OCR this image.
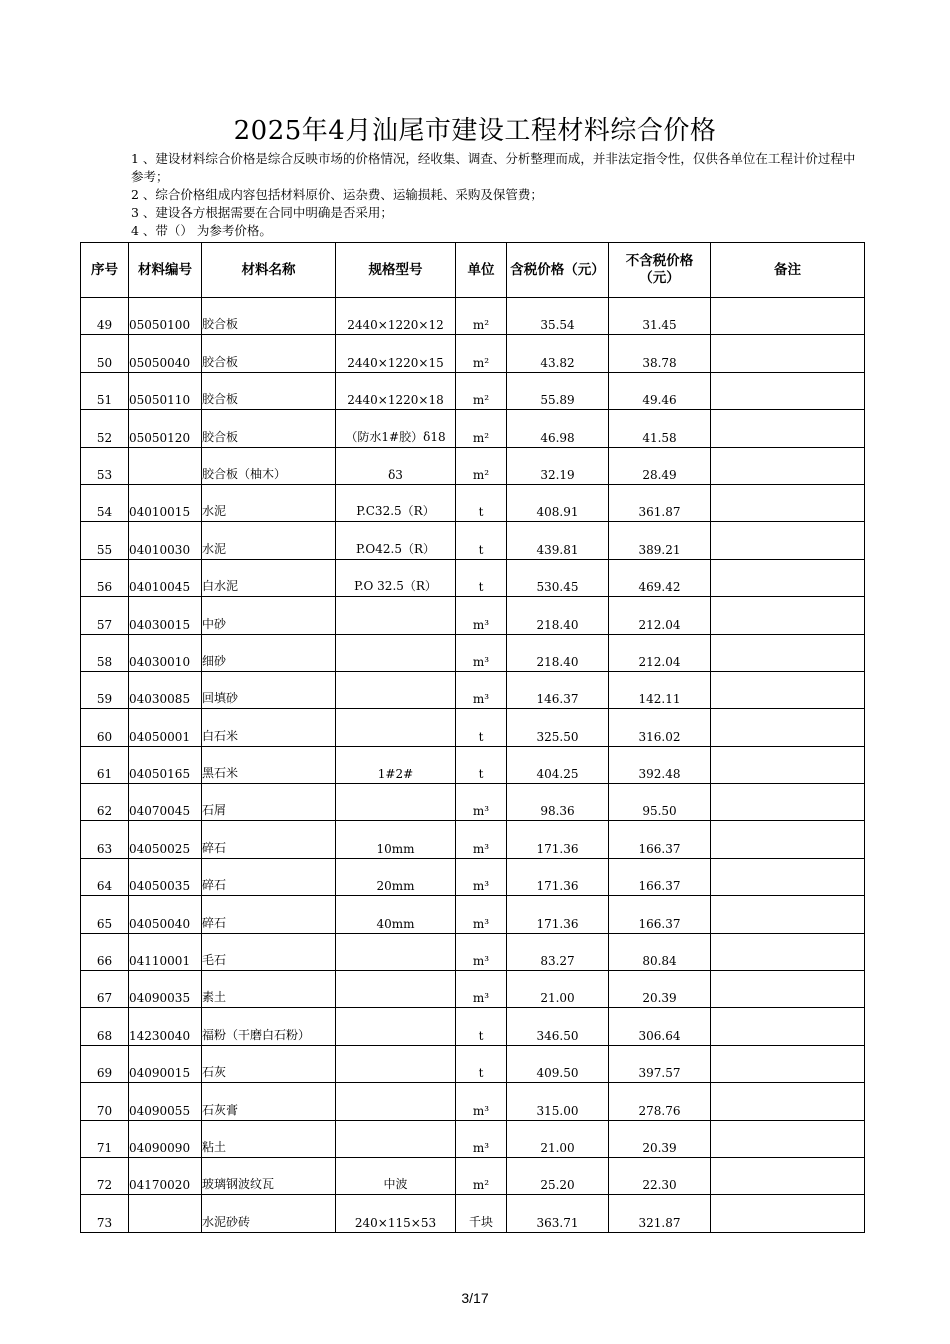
2025年4月汕尾市建设工程材料综合价格
1 、建设材料综合价格是综合反映市场的价格情况，经收集、调查、分析整理而成，并非法定指令性，仅供各单位在工程计价过程中参考；
2 、综合价格组成内容包括材料原价、运杂费、运输损耗、采购及保管费；
3 、建设各方根据需要在合同中明确是否采用；
4 、带（） 为参考价格。
序号	材料编号	材料名称	规格型号	单位	含税价格（元）	不含税价格（元）	备注
49	05050100	胶合板	2440×1220×12	m²	35.54	31.45	
50	05050040	胶合板	2440×1220×15	m²	43.82	38.78	
51	05050110	胶合板	2440×1220×18	m²	55.89	49.46	
52	05050120	胶合板	（防水1#胶）δ18	m²	46.98	41.58	
53		胶合板（柚木）	δ3	m²	32.19	28.49	
54	04010015	水泥	P.C32.5（R）	t	408.91	361.87	
55	04010030	水泥	P.O42.5（R）	t	439.81	389.21	
56	04010045	白水泥	P.O 32.5（R）	t	530.45	469.42	
57	04030015	中砂		m³	218.40	212.04	
58	04030010	细砂		m³	218.40	212.04	
59	04030085	回填砂		m³	146.37	142.11	
60	04050001	白石米		t	325.50	316.02	
61	04050165	黑石米	1#2#	t	404.25	392.48	
62	04070045	石屑		m³	98.36	95.50	
63	04050025	碎石	10mm	m³	171.36	166.37	
64	04050035	碎石	20mm	m³	171.36	166.37	
65	04050040	碎石	40mm	m³	171.36	166.37	
66	04110001	毛石		m³	83.27	80.84	
67	04090035	素土		m³	21.00	20.39	
68	14230040	福粉（干磨白石粉）		t	346.50	306.64	
69	04090015	石灰		t	409.50	397.57	
70	04090055	石灰膏		m³	315.00	278.76	
71	04090090	粘土		m³	21.00	20.39	
72	04170020	玻璃钢波纹瓦	中波	m²	25.20	22.30	
73		水泥砂砖	240×115×53	千块	363.71	321.87	
3/17
